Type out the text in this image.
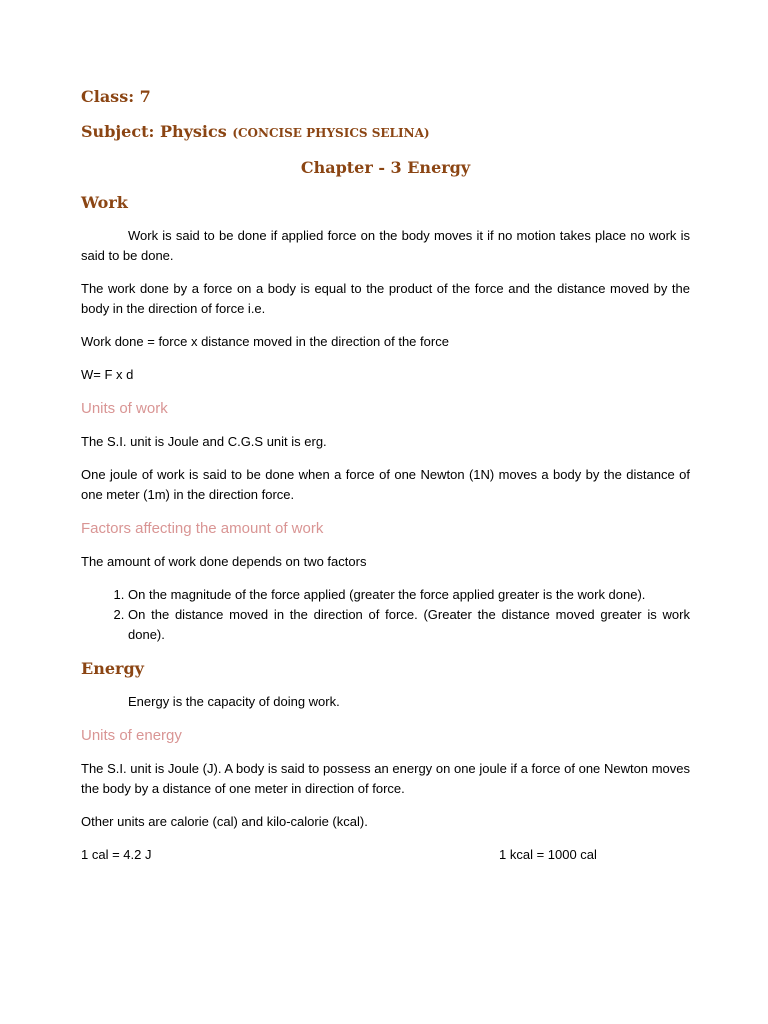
Class: 7
Subject: Physics (CONCISE PHYSICS SELINA)
Chapter - 3 Energy
Work

Work is said to be done if applied force on the body moves it if no motion takes place no work is said to be done.

The work done by a force on a body is equal to the product of the force and the distance moved by the body in the direction of force i.e.

Work done = force x distance moved in the direction of the force

W= F x d

Units of work

The S.I. unit is Joule and C.G.S unit is erg.

One joule of work is said to be done when a force of one Newton (1N) moves a body by the distance of one meter (1m) in the direction force.

Factors affecting the amount of work

The amount of work done depends on two factors

1. On the magnitude of the force applied (greater the force applied greater is the work done).
2. On the distance moved in the direction of force. (Greater the distance moved greater is work done).
Energy

Energy is the capacity of doing work.

Units of energy

The S.I. unit is Joule (J). A body is said to possess an energy on one joule if a force of one Newton moves the body by a distance of one meter in direction of force.

Other units are calorie (cal) and kilo-calorie (kcal).

1 cal = 4.2 J	1 kcal = 1000 cal
